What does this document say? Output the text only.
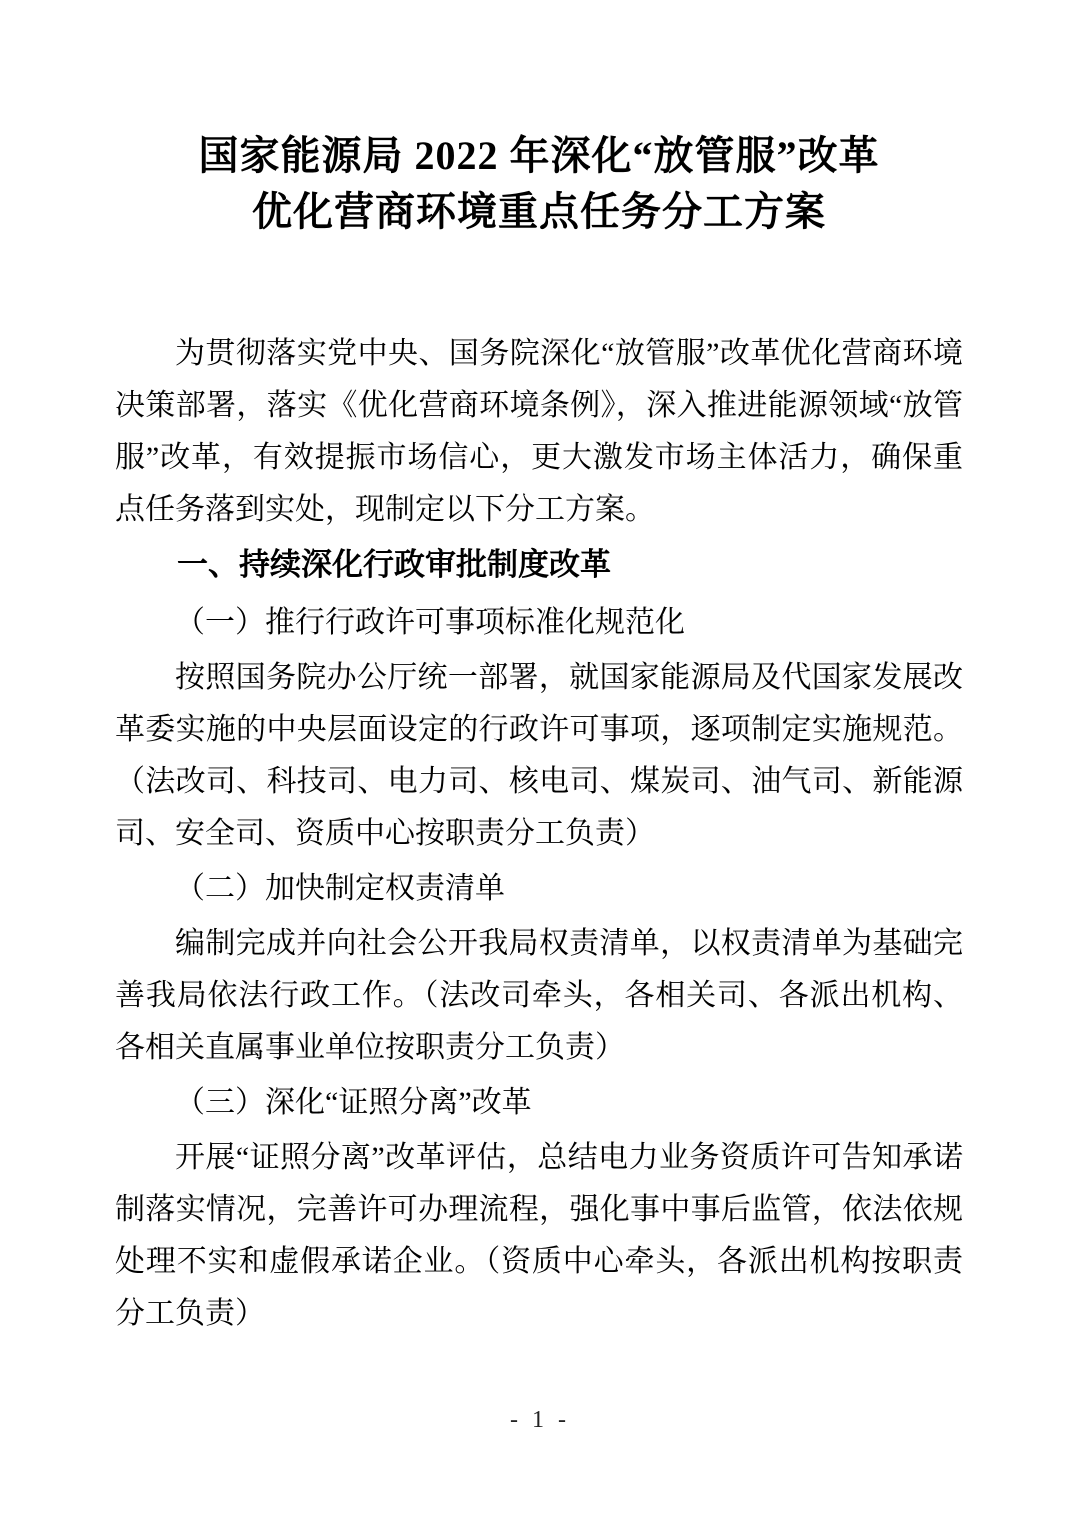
国家能源局 2022 年深化“放管服”改革
优化营商环境重点任务分工方案

为贯彻落实党中央、国务院深化“放管服”改革优化营商环境决策部署，落实《优化营商环境条例》，深入推进能源领域“放管服”改革，有效提振市场信心，更大激发市场主体活力，确保重点任务落到实处，现制定以下分工方案。

一、持续深化行政审批制度改革
（一）推行行政许可事项标准化规范化

按照国务院办公厅统一部署，就国家能源局及代国家发展改革委实施的中央层面设定的行政许可事项，逐项制定实施规范。（法改司、科技司、电力司、核电司、煤炭司、油气司、新能源司、安全司、资质中心按职责分工负责）

（二）加快制定权责清单

编制完成并向社会公开我局权责清单，以权责清单为基础完善我局依法行政工作。（法改司牵头，各相关司、各派出机构、各相关直属事业单位按职责分工负责）

（三）深化“证照分离”改革

开展“证照分离”改革评估，总结电力业务资质许可告知承诺制落实情况，完善许可办理流程，强化事中事后监管，依法依规处理不实和虚假承诺企业。（资质中心牵头，各派出机构按职责分工负责）

- 1 -
